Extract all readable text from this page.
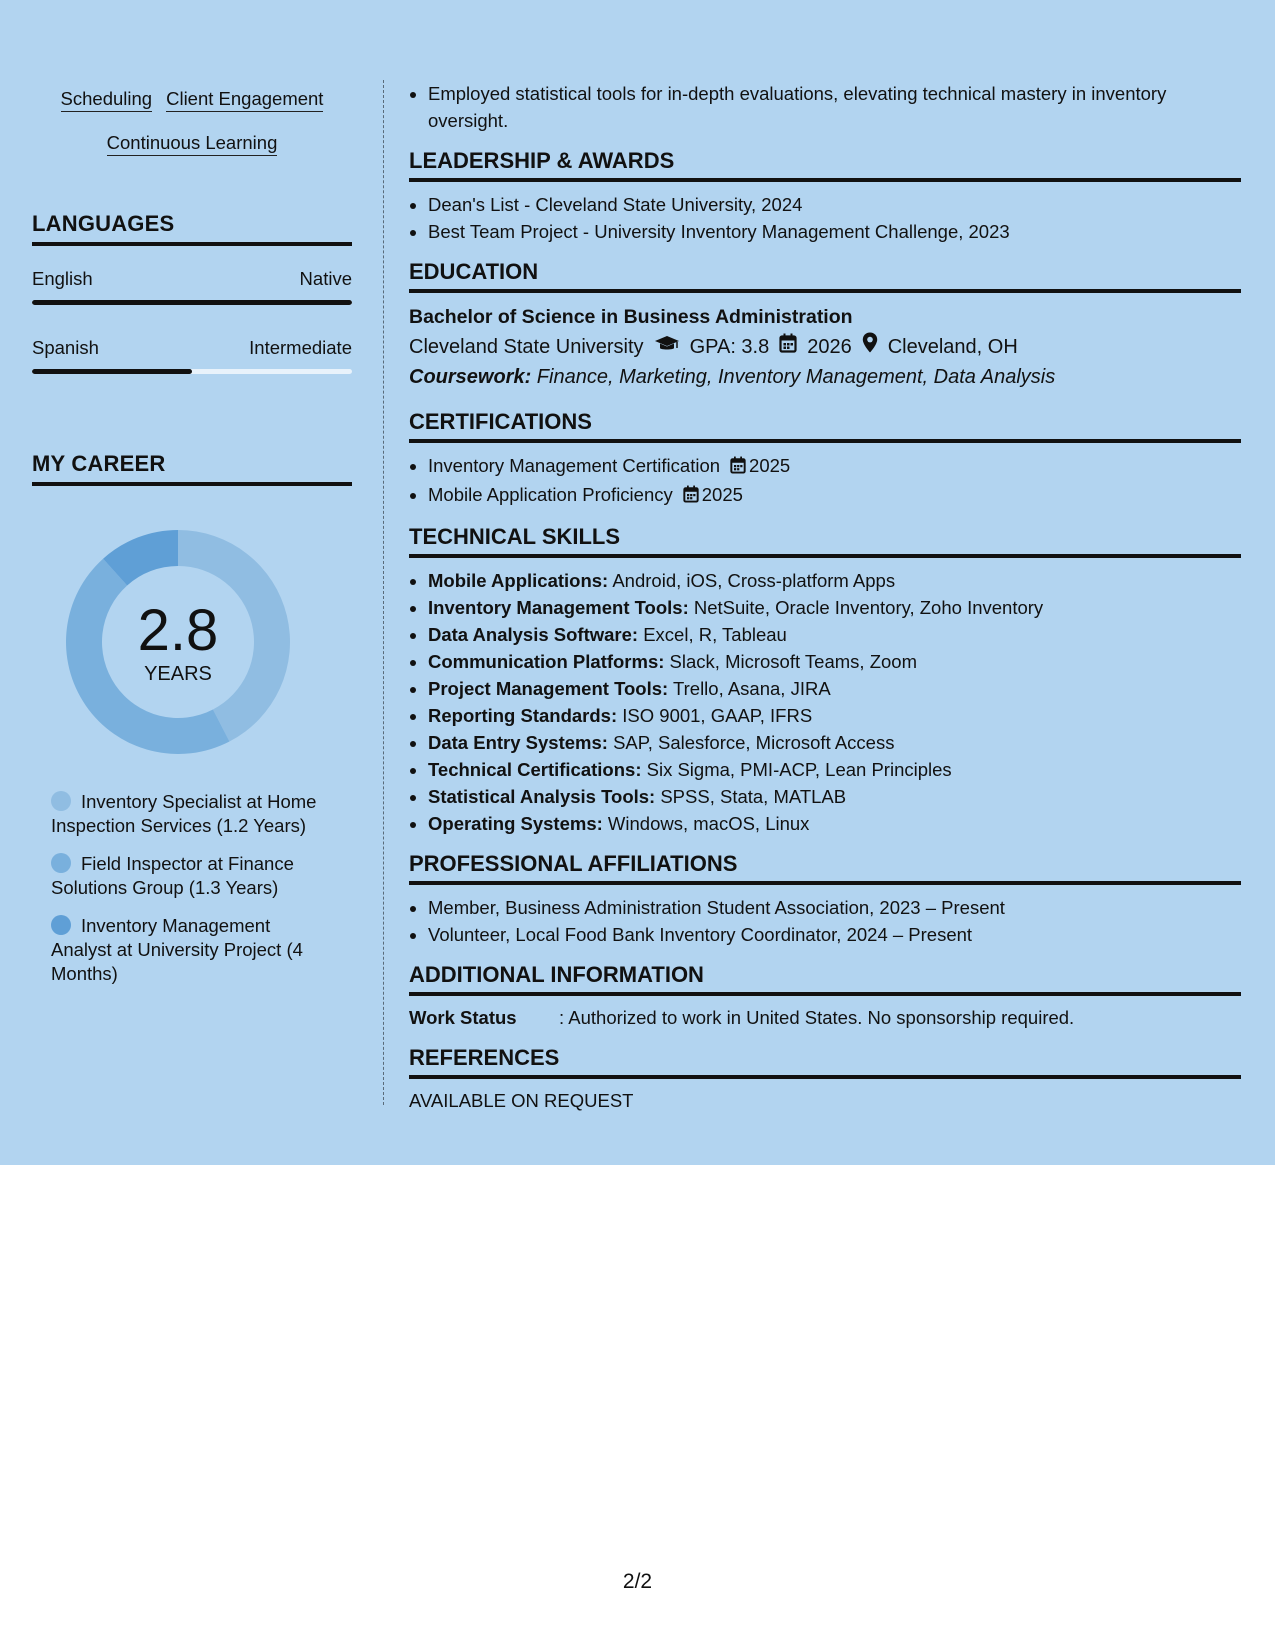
Scheduling Client Engagement
Continuous Learning
LANGUAGES
English	Native
Spanish	Intermediate
MY CAREER
2.8
YEARS
Inventory Specialist at Home Inspection Services (1.2 Years)
Field Inspector at Finance Solutions Group (1.3 Years)
Inventory Management Analyst at University Project (4 Months)
• Employed statistical tools for in-depth evaluations, elevating technical mastery in inventory oversight.
LEADERSHIP & AWARDS
• Dean's List - Cleveland State University, 2024
• Best Team Project - University Inventory Management Challenge, 2023
EDUCATION
Bachelor of Science in Business Administration
Cleveland State University GPA: 3.8 2026 Cleveland, OH
Coursework: Finance, Marketing, Inventory Management, Data Analysis
CERTIFICATIONS
• Inventory Management Certification 2025
• Mobile Application Proficiency 2025
TECHNICAL SKILLS
• Mobile Applications: Android, iOS, Cross-platform Apps
• Inventory Management Tools: NetSuite, Oracle Inventory, Zoho Inventory
• Data Analysis Software: Excel, R, Tableau
• Communication Platforms: Slack, Microsoft Teams, Zoom
• Project Management Tools: Trello, Asana, JIRA
• Reporting Standards: ISO 9001, GAAP, IFRS
• Data Entry Systems: SAP, Salesforce, Microsoft Access
• Technical Certifications: Six Sigma, PMI-ACP, Lean Principles
• Statistical Analysis Tools: SPSS, Stata, MATLAB
• Operating Systems: Windows, macOS, Linux
PROFESSIONAL AFFILIATIONS
• Member, Business Administration Student Association, 2023 – Present
• Volunteer, Local Food Bank Inventory Coordinator, 2024 – Present
ADDITIONAL INFORMATION
Work Status	: Authorized to work in United States. No sponsorship required.
REFERENCES
AVAILABLE ON REQUEST
2/2
